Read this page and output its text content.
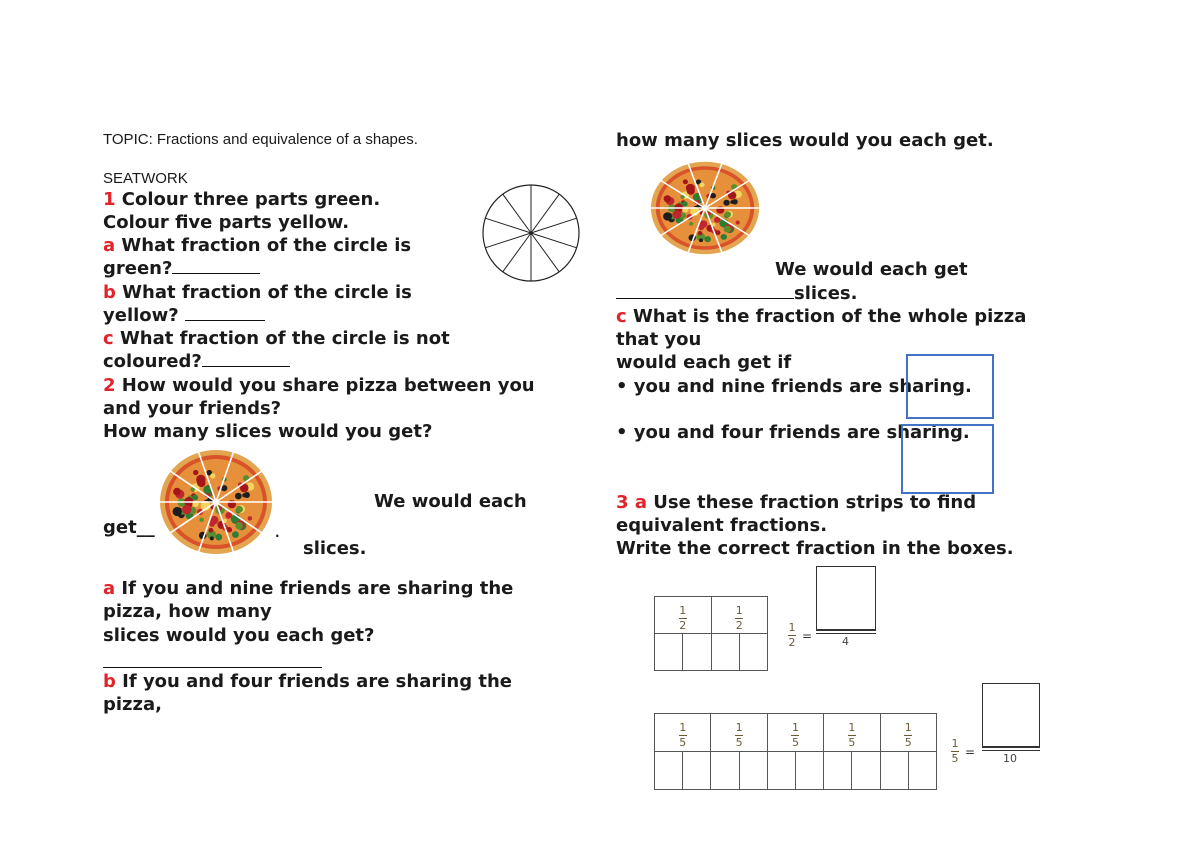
TOPIC: Fractions and equivalence of a shapes.
SEATWORK
1 Colour three parts green.
Colour five parts yellow.
a What fraction of the circle is
green?
b What fraction of the circle is
yellow?
c What fraction of the circle is not
coloured?
2 How would you share pizza between you
and your friends?
How many slices would you get?
We would each
get__	.
slices.
a If you and nine friends are sharing the
pizza, how many
slices would you each get?
b If you and four friends are sharing the
pizza,
how many slices would you each get.
We would each get
slices.
c What is the fraction of the whole pizza
that you
would each get if
• you and nine friends are sharing.
• you and four friends are sharing.
3 a Use these fraction strips to find
equivalent fractions.
Write the correct fraction in the boxes.
$\frac{1}{2}$		$\frac{1}{2}$

				1
2 =	4
$\frac{1}{5}$		$\frac{1}{5}$		$\frac{1}{5}$		$\frac{1}{5}$		$\frac{1}{5}$

										1
5 =	10
